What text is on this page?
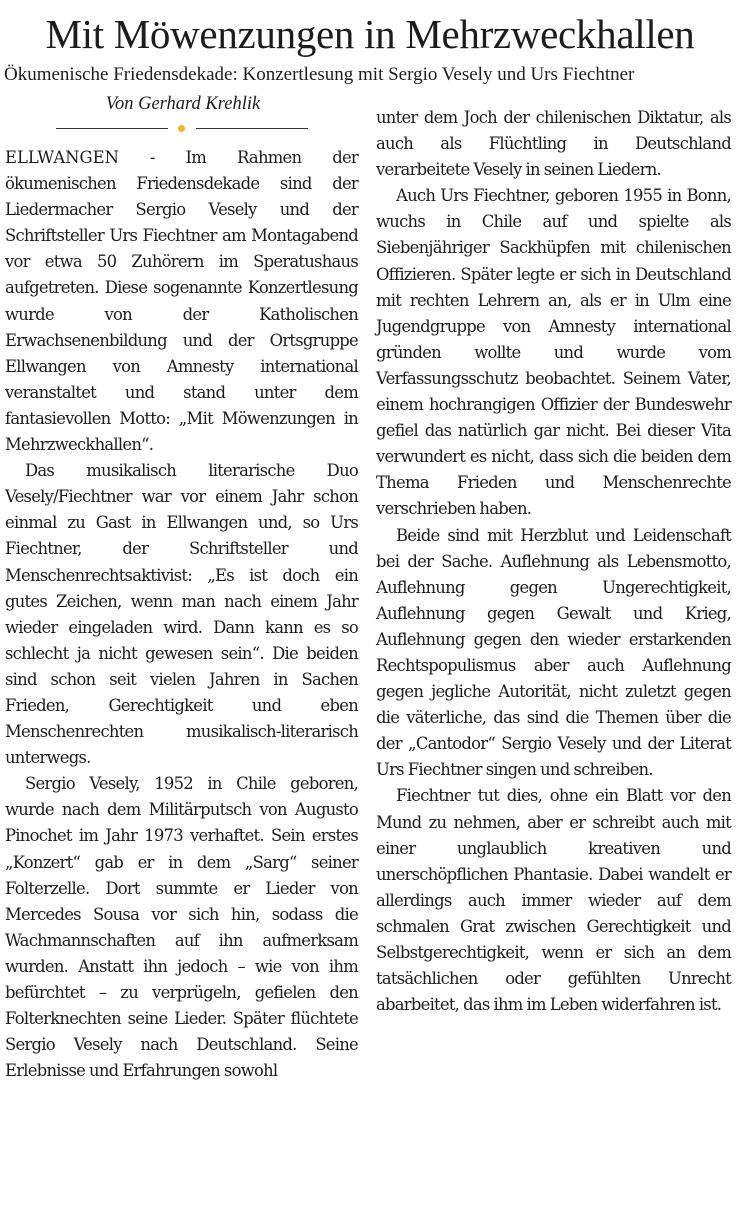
Mit Möwenzungen in Mehrzweckhallen
Ökumenische Friedensdekade: Konzertlesung mit Sergio Vesely und Urs Fiechtner
Von Gerhard Krehlik

ELLWANGEN - Im Rahmen der ökumenischen Friedensdekade sind der Liedermacher Sergio Vesely und der Schriftsteller Urs Fiechtner am Montagabend vor etwa 50 Zuhörern im Speratushaus aufgetreten. Diese sogenannte Konzertlesung wurde von der Katholischen Erwachsenenbildung und der Ortsgruppe Ellwangen von Amnesty international veranstaltet und stand unter dem fantasievollen Motto: „Mit Möwenzungen in Mehrzweckhallen“.

Das musikalisch literarische Duo Vesely/Fiechtner war vor einem Jahr schon einmal zu Gast in Ellwangen und, so Urs Fiechtner, der Schriftsteller und Menschenrechtsaktivist: „Es ist doch ein gutes Zeichen, wenn man nach einem Jahr wieder eingeladen wird. Dann kann es so schlecht ja nicht gewesen sein“. Die beiden sind schon seit vielen Jahren in Sachen Frieden, Gerechtigkeit und eben Menschenrechten musikalisch-literarisch unterwegs.

Sergio Vesely, 1952 in Chile geboren, wurde nach dem Militärputsch von Augusto Pinochet im Jahr 1973 verhaftet. Sein erstes „Konzert“ gab er in dem „Sarg“ seiner Folterzelle. Dort summte er Lieder von Mercedes Sousa vor sich hin, sodass die Wachmannschaften auf ihn aufmerksam wurden. Anstatt ihn jedoch – wie von ihm befürchtet – zu verprügeln, gefielen den Folterknechten seine Lieder. Später flüchtete Sergio Vesely nach Deutschland. Seine Erlebnisse und Erfahrungen sowohl

unter dem Joch der chilenischen Diktatur, als auch als Flüchtling in Deutschland verarbeitete Vesely in seinen Liedern.

Auch Urs Fiechtner, geboren 1955 in Bonn, wuchs in Chile auf und spielte als Siebenjähriger Sackhüpfen mit chilenischen Offizieren. Später legte er sich in Deutschland mit rechten Lehrern an, als er in Ulm eine Jugendgruppe von Amnesty international gründen wollte und wurde vom Verfassungsschutz beobachtet. Seinem Vater, einem hochrangigen Offizier der Bundeswehr gefiel das natürlich gar nicht. Bei dieser Vita verwundert es nicht, dass sich die beiden dem Thema Frieden und Menschenrechte verschrieben haben.

Beide sind mit Herzblut und Leidenschaft bei der Sache. Auflehnung als Lebensmotto, Auflehnung gegen Ungerechtigkeit, Auflehnung gegen Gewalt und Krieg, Auflehnung gegen den wieder erstarkenden Rechtspopulismus aber auch Auflehnung gegen jegliche Autorität, nicht zuletzt gegen die väterliche, das sind die Themen über die der „Cantodor“ Sergio Vesely und der Literat Urs Fiechtner singen und schreiben.

Fiechtner tut dies, ohne ein Blatt vor den Mund zu nehmen, aber er schreibt auch mit einer unglaublich kreativen und unerschöpflichen Phantasie. Dabei wandelt er allerdings auch immer wieder auf dem schmalen Grat zwischen Gerechtigkeit und Selbstgerechtigkeit, wenn er sich an dem tatsächlichen oder gefühlten Unrecht abarbeitet, das ihm im Leben widerfahren ist.
